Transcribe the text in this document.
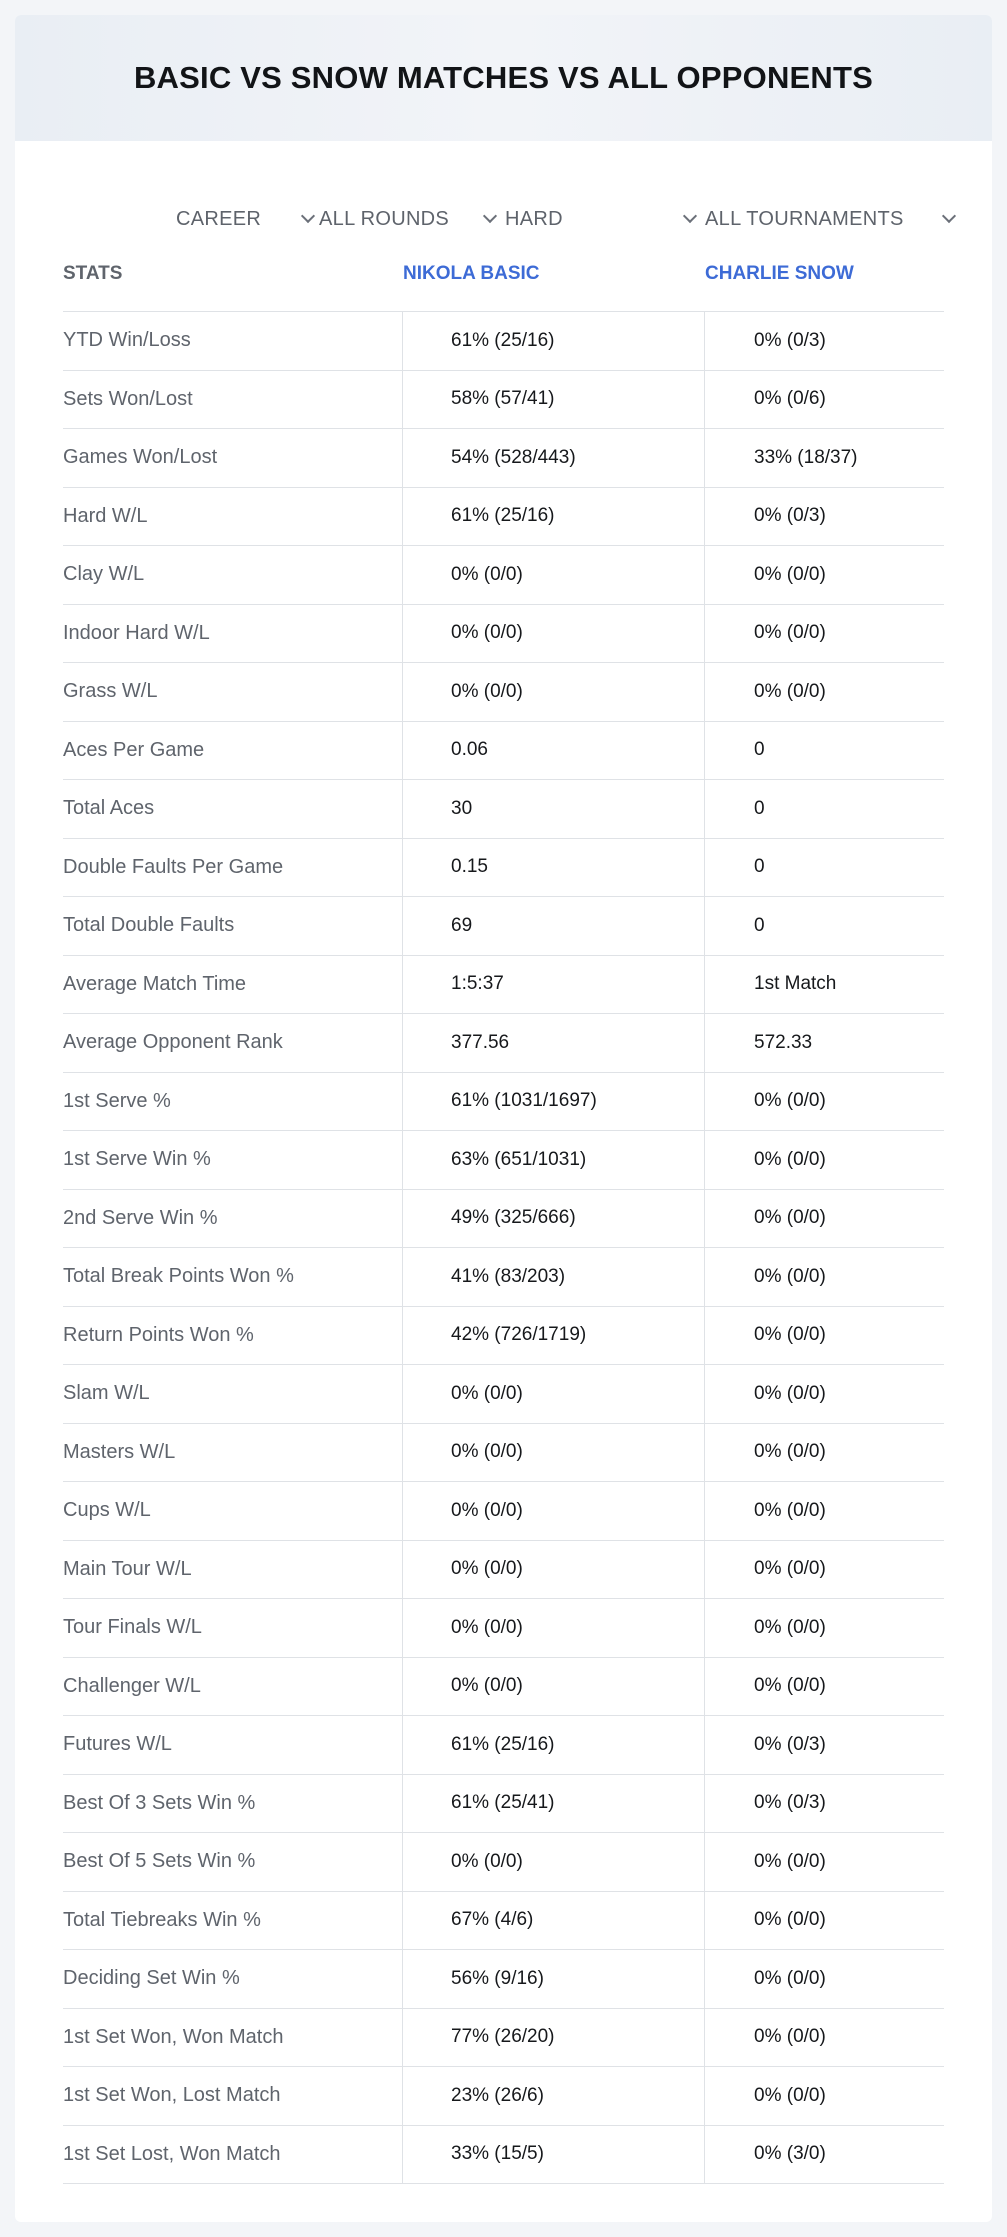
BASIC VS SNOW MATCHES VS ALL OPPONENTS
CAREER	ALL ROUNDS	HARD	ALL TOURNAMENTS
STATS	NIKOLA BASIC	CHARLIE SNOW
YTD Win/Loss	61% (25/16)	0% (0/3)
Sets Won/Lost	58% (57/41)	0% (0/6)
Games Won/Lost	54% (528/443)	33% (18/37)
Hard W/L	61% (25/16)	0% (0/3)
Clay W/L	0% (0/0)	0% (0/0)
Indoor Hard W/L	0% (0/0)	0% (0/0)
Grass W/L	0% (0/0)	0% (0/0)
Aces Per Game	0.06	0
Total Aces	30	0
Double Faults Per Game	0.15	0
Total Double Faults	69	0
Average Match Time	1:5:37	1st Match
Average Opponent Rank	377.56	572.33
1st Serve %	61% (1031/1697)	0% (0/0)
1st Serve Win %	63% (651/1031)	0% (0/0)
2nd Serve Win %	49% (325/666)	0% (0/0)
Total Break Points Won %	41% (83/203)	0% (0/0)
Return Points Won %	42% (726/1719)	0% (0/0)
Slam W/L	0% (0/0)	0% (0/0)
Masters W/L	0% (0/0)	0% (0/0)
Cups W/L	0% (0/0)	0% (0/0)
Main Tour W/L	0% (0/0)	0% (0/0)
Tour Finals W/L	0% (0/0)	0% (0/0)
Challenger W/L	0% (0/0)	0% (0/0)
Futures W/L	61% (25/16)	0% (0/3)
Best Of 3 Sets Win %	61% (25/41)	0% (0/3)
Best Of 5 Sets Win %	0% (0/0)	0% (0/0)
Total Tiebreaks Win %	67% (4/6)	0% (0/0)
Deciding Set Win %	56% (9/16)	0% (0/0)
1st Set Won, Won Match	77% (26/20)	0% (0/0)
1st Set Won, Lost Match	23% (26/6)	0% (0/0)
1st Set Lost, Won Match	33% (15/5)	0% (3/0)
